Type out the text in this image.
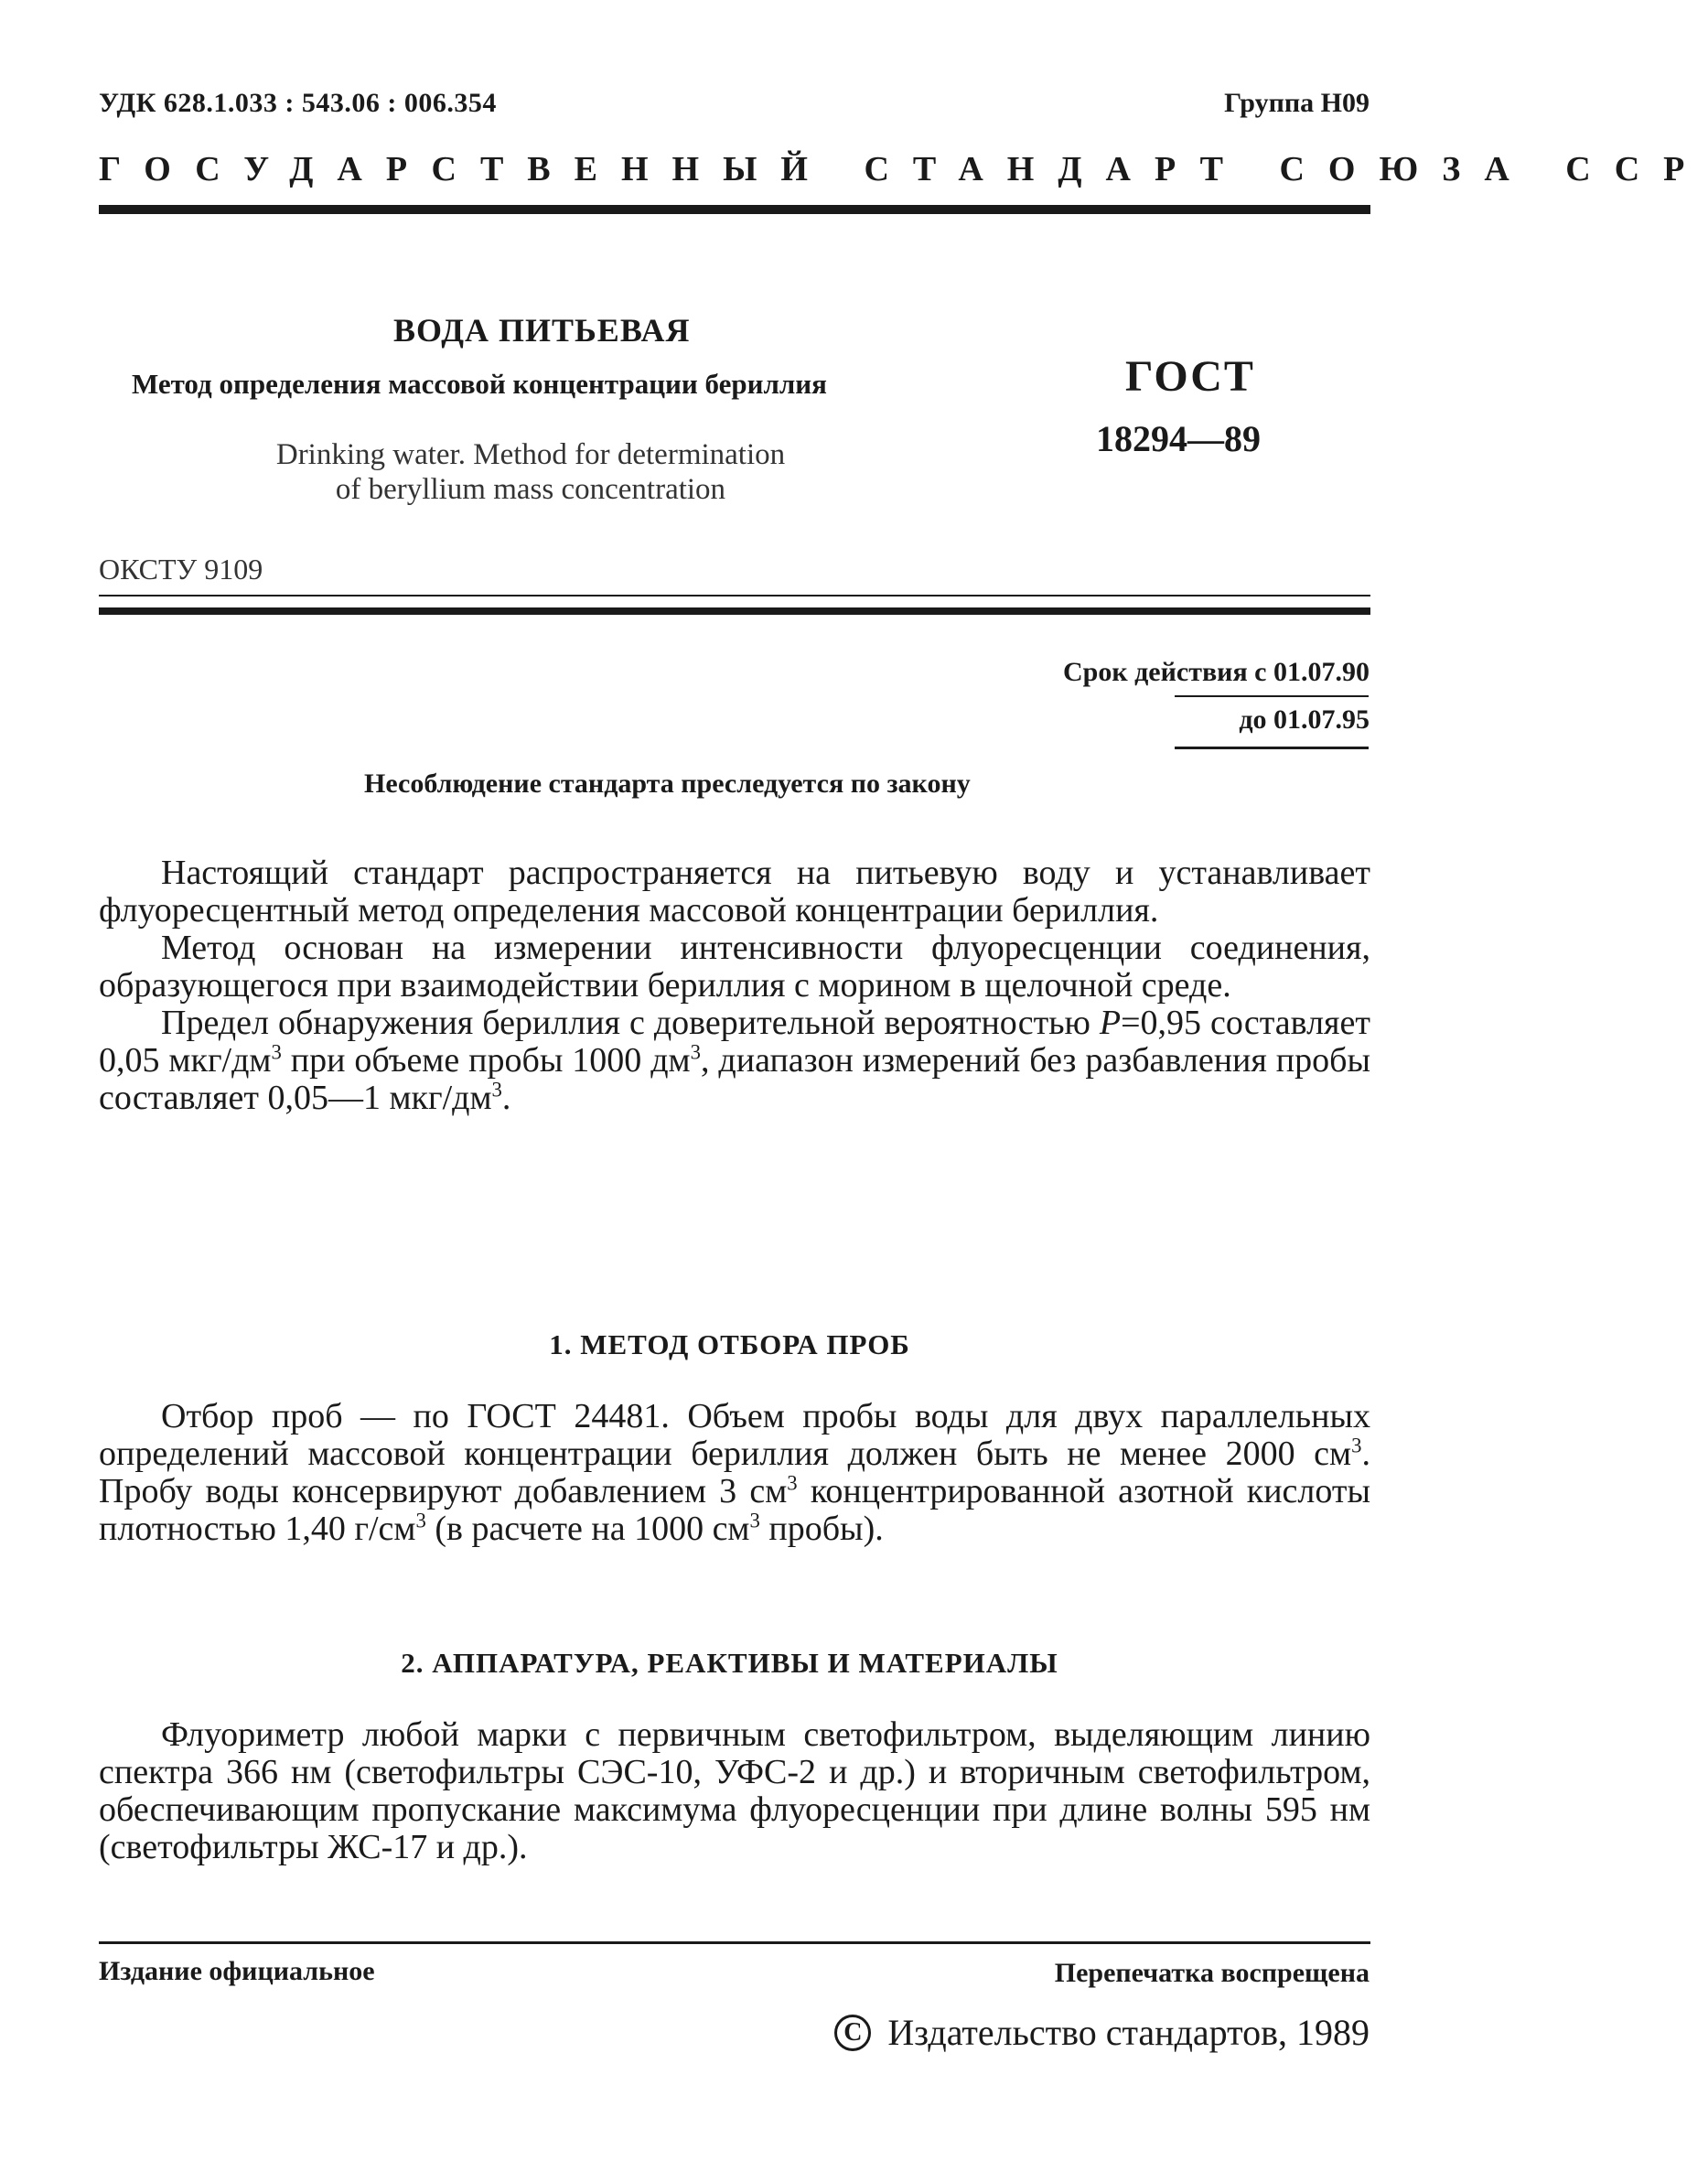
УДК 628.1.033 : 543.06 : 006.354	Группа Н09
ГОСУДАРСТВЕННЫЙ СТАНДАРТ СОЮЗА ССР
ВОДА ПИТЬЕВАЯ
Метод определения массовой концентрации бериллия
Drinking water. Method for determination
of beryllium mass concentration
ГОСТ
18294—89
ОКСТУ 9109
Срок действия с 01.07.90
до 01.07.95
Несоблюдение стандарта преследуется по закону

Настоящий стандарт распространяется на питьевую воду и устанавливает флуоресцентный метод определения массовой концентрации бериллия.

Метод основан на измерении интенсивности флуоресценции соединения, образующегося при взаимодействии бериллия с морином в щелочной среде.

Предел обнаружения бериллия с доверительной вероятностью P=0,95 составляет 0,05 мкг/$дм^3$ при объеме пробы 1000 $дм^3$, диапазон измерений без разбавления пробы составляет 0,05—1 мкг/$дм^3$.

1. МЕТОД ОТБОРА ПРОБ

Отбор проб — по ГОСТ 24481. Объем пробы воды для двух параллельных определений массовой концентрации бериллия должен быть не менее 2000 $см^3$. Пробу воды консервируют добавлением 3 $см^3$ концентрированной азотной кислоты плотностью 1,40 $г/см^3$ (в расчете на 1000 $см^3$ пробы).

2. АППАРАТУРА, РЕАКТИВЫ И МАТЕРИАЛЫ

Флуориметр любой марки с первичным светофильтром, выделяющим линию спектра 366 нм (светофильтры СЭС-10, УФС-2 и др.) и вторичным светофильтром, обеспечивающим пропускание максимума флуоресценции при длине волны 595 нм (светофильтры ЖС-17 и др.).

Издание официальное	Перепечатка воспрещена
C Издательство стандартов, 1989
